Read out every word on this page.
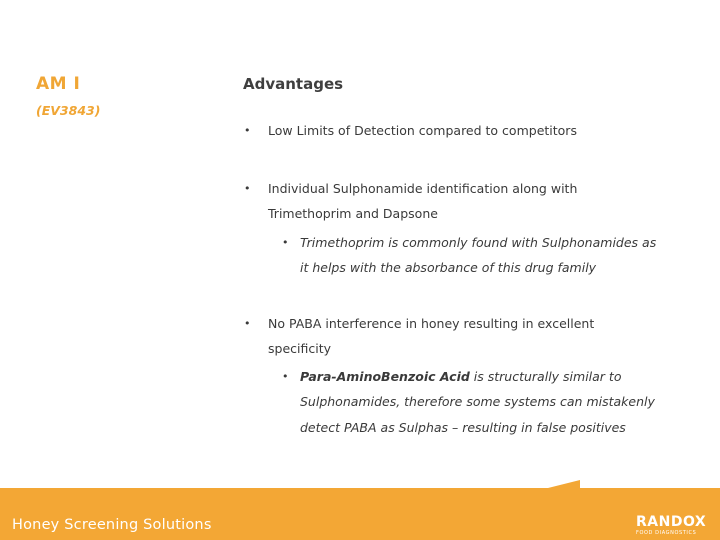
AM I
(EV3843)
Advantages
• Low Limits of Detection compared to competitors
• Individual Sulphonamide identification along with
Trimethoprim and Dapsone
• Trimethoprim is commonly found with Sulphonamides as
it helps with the absorbance of this drug family
• No PABA interference in honey resulting in excellent
specificity
• Para-AminoBenzoic Acid is structurally similar to
Sulphonamides, therefore some systems can mistakenly
detect PABA as Sulphas – resulting in false positives
Honey Screening Solutions	RANDOX
FOOD DIAGNOSTICS
